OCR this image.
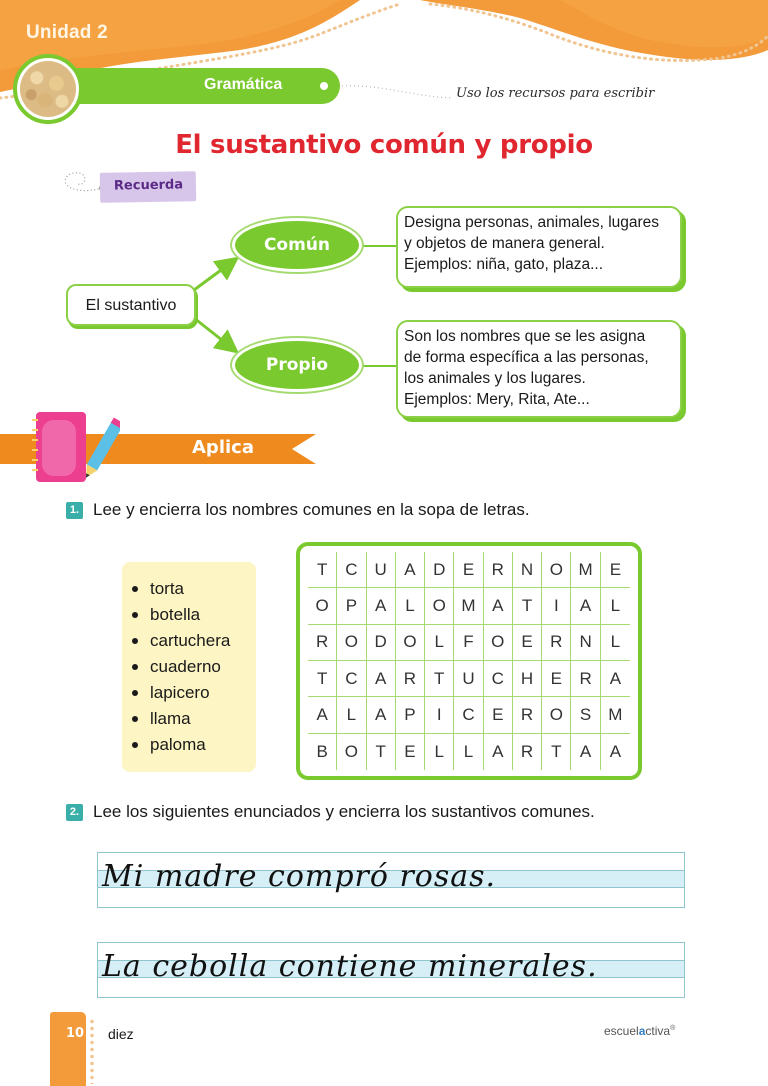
Unidad 2
Gramática
Uso los recursos para escribir
El sustantivo común y propio
Recuerda
El sustantivo
Común
Propio
Designa personas, animales, lugares
y objetos de manera general.
Ejemplos: niña, gato, plaza...
Son los nombres que se les asigna
de forma específica a las personas,
los animales y los lugares.
Ejemplos: Mery, Rita, Ate...
Aplica
1. Lee y encierra los nombres comunes en la sopa de letras.
torta
botella
cartuchera
cuaderno
lapicero
llama
paloma
T	C	U	A	D	E	R N O M	E
O P	A	L	O M A	T	I	A	L
R O D O	L	F	O E	R N	L
T	C	A	R	T	U	C H	E	R	A
A	L	A	P	I	C	E	R O S	M
B O	T	E	L	L	A	R	T	A	A
2. Lee los siguientes enunciados y encierra los sustantivos comunes.
Mi madre compró rosas.
La cebolla contiene minerales.
10 diez	escuelactiva®
